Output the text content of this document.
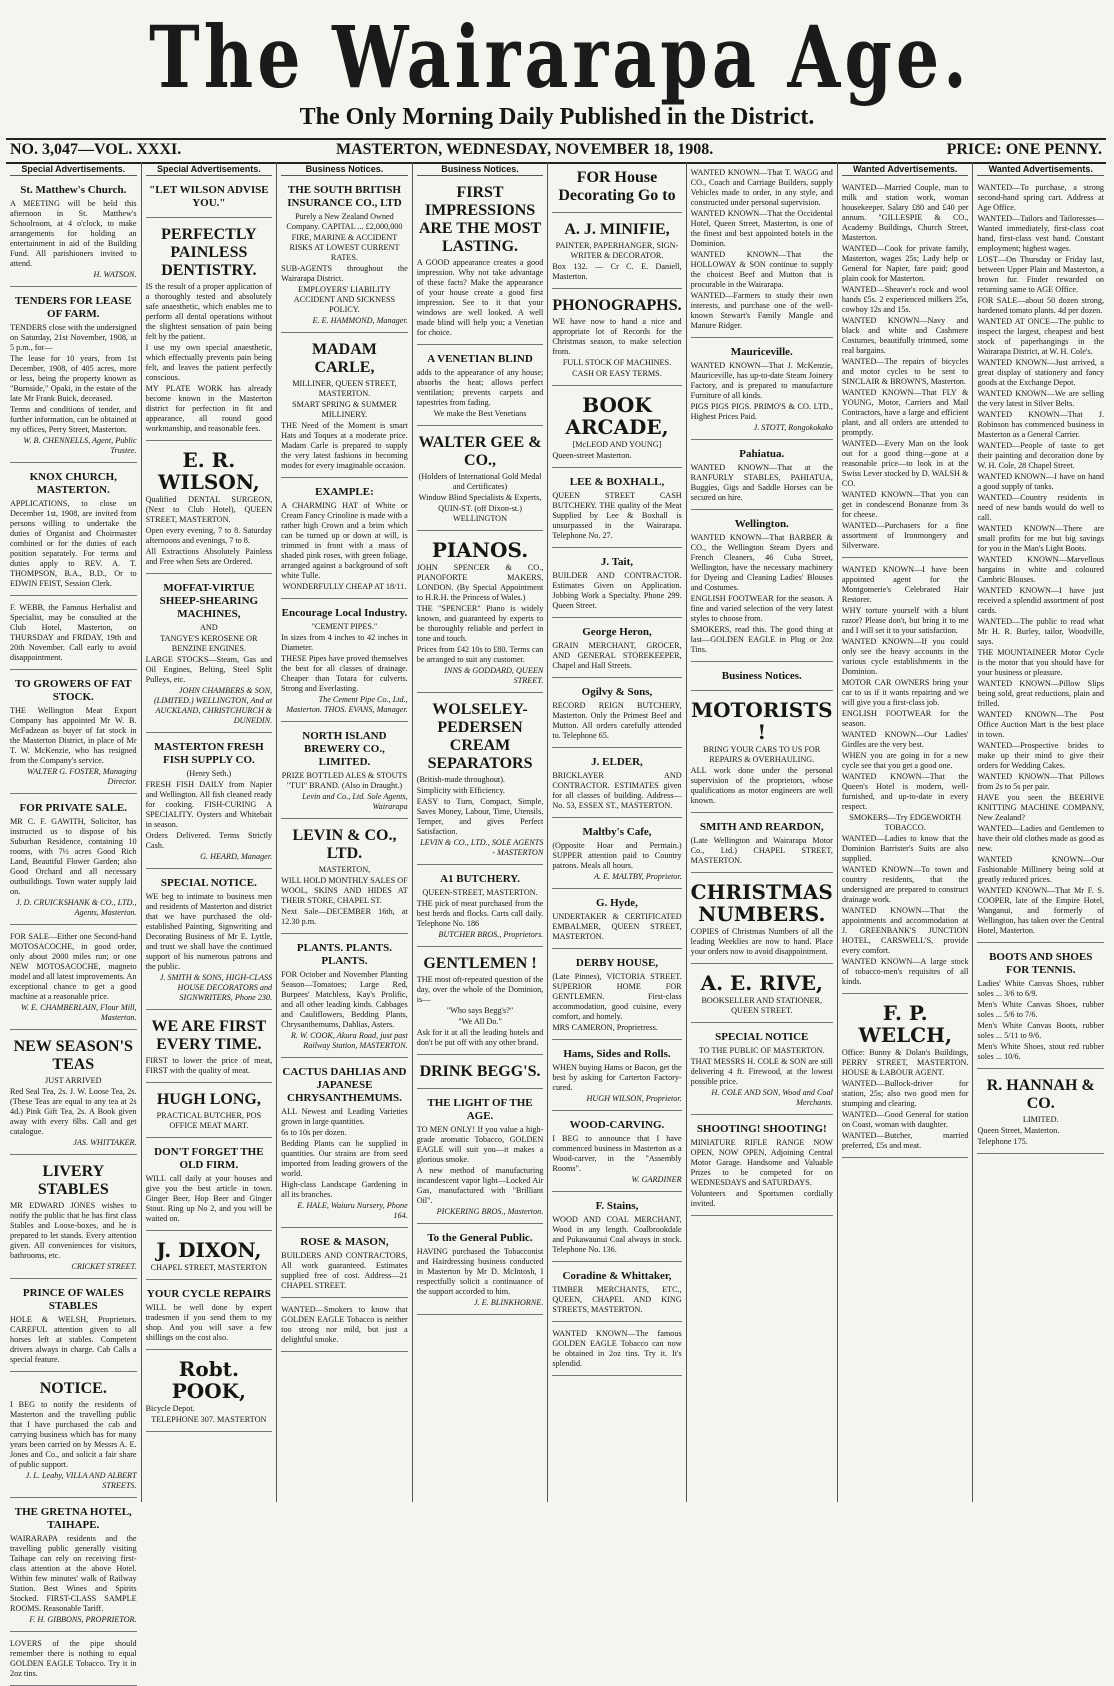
The Wairarapa Age.
The Only Morning Daily Published in the District.
NO. 3,047—VOL. XXXI.	MASTERTON, WEDNESDAY, NOVEMBER 18, 1908.	PRICE: ONE PENNY.
Special Advertisements.
St. Matthew's Church.
A MEETING will be held this afternoon in St. Matthew's Schoolroom, at 4 o'clock, to make arrangements for holding an entertainment in aid of the Building Fund. All parishioners invited to attend.
H. WATSON.
TENDERS FOR LEASE OF FARM.
TENDERS close with the undersigned on Saturday, 21st November, 1908, at 5 p.m., for—
The lease for 10 years, from 1st December, 1908, of 405 acres, more or less, being the property known as "Burnside," Opaki, in the estate of the late Mr Frank Buick, deceased.
Terms and conditions of tender, and further information, can be obtained at my offices, Perry Street, Masterton.
W. B. CHENNELLS, Agent, Public Trustee.
KNOX CHURCH, MASTERTON.
APPLICATIONS, to close on December 1st, 1908, are invited from persons willing to undertake the duties of Organist and Choirmaster combined or for the duties of each position separately. For terms and duties apply to REV. A. T. THOMPSON, B.A., B.D., Or to EDWIN FEIST, Session Clerk.
F. WEBB, the Famous Herbalist and Specialist, may be consulted at the Club Hotel, Masterton, on THURSDAY and FRIDAY, 19th and 20th November. Call early to avoid disappointment.
TO GROWERS OF FAT STOCK.
THE Wellington Meat Export Company has appointed Mr W. B. McFadzean as buyer of fat stock in the Masterton District, in place of Mr T. W. McKenzie, who has resigned from the Company's service.
WALTER G. FOSTER, Managing Director.
FOR PRIVATE SALE.
MR C. F. GAWITH, Solicitor, has instructed us to dispose of his Suburban Residence, containing 10 rooms, with 7½ acres Good Rich Land, Beautiful Flower Garden; also Good Orchard and all necessary outbuildings. Town water supply laid on.
J. D. CRUICKSHANK & CO., LTD., Agents, Masterton.
FOR SALE—Either one Second-hand MOTOSACOCHE, in good order, only about 2000 miles run; or one NEW MOTOSACOCHE, magneto model and all latest improvements. An exceptional chance to get a good machine at a reasonable price.
W. E. CHAMBERLAIN, Flour Mill, Masterton.
NEW SEASON'S TEAS
JUST ARRIVED
Red Seal Tea, 2s. J. W. Loose Tea, 2s. (These Teas are equal to any tea at 2s 4d.) Pink Gift Tea, 2s. A Book given away with every 6lbs. Call and get catalogue.
JAS. WHITTAKER.
LIVERY STABLES
MR EDWARD JONES wishes to notify the public that he has first class Stables and Loose-boxes, and he is prepared to let stands. Every attention given. All conveniences for visitors, bathrooms, etc.
CRICKET STREET.
PRINCE OF WALES STABLES
HOLE & WELSH, Proprietors. CAREFUL attention given to all horses left at stables. Competent drivers always in charge. Cab Calls a special feature.
NOTICE.
I BEG to notify the residents of Masterton and the travelling public that I have purchased the cab and carrying business which has for many years been carried on by Messrs A. E. Jones and Co., and solicit a fair share of public support.
J. L. Leahy, VILLA AND ALBERT STREETS.
THE GRETNA HOTEL, TAIHAPE.
WAIRARAPA residents and the travelling public generally visiting Taihape can rely on receiving first-class attention at the above Hotel. Within few minutes' walk of Railway Station. Best Wines and Spirits Stocked. FIRST-CLASS SAMPLE ROOMS. Reasonable Tariff.
F. H. GIBBONS, PROPRIETOR.
LOVERS of the pipe should remember there is nothing to equal GOLDEN EAGLE Tobacco. Try it in 2oz tins.
Special Advertisements.
"LET WILSON ADVISE YOU."
PERFECTLY PAINLESS DENTISTRY.
IS the result of a proper application of a thoroughly tested and absolutely safe anaesthetic, which enables me to perform all dental operations without the slightest sensation of pain being felt by the patient.
I use my own special anaesthetic, which effectually prevents pain being felt, and leaves the patient perfectly conscious.
MY PLATE WORK has already become known in the Masterton district for perfection in fit and appearance, all round good workmanship, and reasonable fees.
E. R. WILSON,
Qualified DENTAL SURGEON, (Next to Club Hotel), QUEEN STREET, MASTERTON.
Open every evening, 7 to 8. Saturday afternoons and evenings, 7 to 8.
All Extractions Absolutely Painless and Free when Sets are Ordered.
MOFFAT-VIRTUE SHEEP-SHEARING MACHINES,
AND
TANGYE'S KEROSENE OR BENZINE ENGINES.
LARGE STOCKS—Steam, Gas and Oil Engines, Belting, Steel Split Pulleys, etc.
JOHN CHAMBERS & SON, (LIMITED.) WELLINGTON, And at AUCKLAND, CHRISTCHURCH & DUNEDIN.
MASTERTON FRESH FISH SUPPLY CO.
(Henry Seth.)
FRESH FISH DAILY from Napier and Wellington. All fish cleaned ready for cooking. FISH-CURING A SPECIALITY. Oysters and Whitebait in season.
Orders Delivered. Terms Strictly Cash.
G. HEARD, Manager.
SPECIAL NOTICE.
WE beg to intimate to business men and residents of Masterton and district that we have purchased the old-established Painting, Signwriting and Decorating Business of Mr E. Lyttle, and trust we shall have the continued support of his numerous patrons and the public.
J. SMITH & SONS, HIGH-CLASS HOUSE DECORATORS and SIGNWRITERS, Phone 230.
WE ARE FIRST EVERY TIME.
FIRST to lower the price of meat, FIRST with the quality of meat.
HUGH LONG,
PRACTICAL BUTCHER, POS OFFICE MEAT MART.
DON'T FORGET THE OLD FIRM.
WILL call daily at your houses and give you the best article in town. Ginger Beer, Hop Beer and Ginger Stout. Ring up No 2, and you will be waited on.
J. DIXON,
CHAPEL STREET, MASTERTON
YOUR CYCLE REPAIRS
WILL be well done by expert tradesmen if you send them to my shop. And you will save a few shillings on the cost also.
Robt. POOK,
Bicycle Depot.
TELEPHONE 307. MASTERTON
Business Notices.
THE SOUTH BRITISH INSURANCE CO., LTD
Purely a New Zealand Owned Company. CAPITAL ... £2,000,000
FIRE, MARINE & ACCIDENT RISKS AT LOWEST CURRENT RATES.
SUB-AGENTS throughout the Wairarapa District.
EMPLOYERS' LIABILITY ACCIDENT AND SICKNESS POLICY.
E. E. HAMMOND, Manager.
MADAM CARLE,
MILLINER, QUEEN STREET, MASTERTON.
SMART SPRING & SUMMER MILLINERY.
THE Need of the Moment is smart Hats and Toques at a moderate price. Madam Carle is prepared to supply the very latest fashions in becoming modes for every imaginable occasion.
EXAMPLE:
A CHARMING HAT of White or Cream Fancy Crinoline is made with a rather high Crown and a brim which can be turned up or down at will, is trimmed in front with a mass of shaded pink roses, with green foliage, arranged against a background of soft white Tulle.
WONDERFULLY CHEAP AT 18/11.
Encourage Local Industry.
"CEMENT PIPES."
In sizes from 4 inches to 42 inches in Diameter.
THESE Pipes have proved themselves the best for all classes of drainage. Cheaper than Totara for culverts. Strong and Everlasting.
The Cement Pipe Co., Ltd., Masterton. THOS. EVANS, Manager.
NORTH ISLAND BREWERY CO., LIMITED.
PRIZE BOTTLED ALES & STOUTS "TUI" BRAND. (Also in Draught.)
Levin and Co., Ltd. Sole Agents, Wairarapa
LEVIN & CO., LTD.
MASTERTON,
WILL HOLD MONTHLY SALES OF WOOL, SKINS AND HIDES AT THEIR STORE, CHAPEL ST.
Next Sale—DECEMBER 16th, at 12.30 p.m.
PLANTS. PLANTS. PLANTS.
FOR October and November Planting Season—Tomatoes; Large Red, Burpees' Matchless, Kay's Prolific, and all other leading kinds. Cabbages and Cauliflowers, Bedding Plants, Chrysanthemums, Dahlias, Asters.
R. W. COOK, Akura Road, just past Railway Station, MASTERTON.
CACTUS DAHLIAS AND JAPANESE CHRYSANTHEMUMS.
ALL Newest and Leading Varieties grown in large quantities.
6s to 10s per dozen.
Bedding Plants can be supplied in quantities. Our strains are from seed imported from leading growers of the world.
High-class Landscape Gardening in all its branches.
E. HALE, Waiuru Nursery, Phone 164.
ROSE & MASON,
BUILDERS AND CONTRACTORS, All work guaranteed. Estimates supplied free of cost. Address—21 CHAPEL STREET.
WANTED—Smokers to know that GOLDEN EAGLE Tobacco is neither too strong nor mild, but just a delightful smoke.
Business Notices.
FIRST IMPRESSIONS ARE THE MOST LASTING.
A GOOD appearance creates a good impression. Why not take advantage of these facts? Make the appearance of your house create a good first impression. See to it that your windows are well looked. A well made blind will help you; a Venetian for choice.
A VENETIAN BLIND
adds to the appearance of any house; absorbs the heat; allows perfect ventilation; prevents carpets and tapestries from fading.
We make the Best Venetians
WALTER GEE & CO.,
(Holders of International Gold Medal and Certificates)
Window Blind Specialists & Experts,
QUIN-ST. (off Dixon-st.) WELLINGTON
PIANOS.
JOHN SPENCER & CO., PIANOFORTE MAKERS, LONDON. (By Special Appointment to H.R.H. the Princess of Wales.)
THE "SPENCER" Piano is widely known, and guaranteed by experts to be thoroughly reliable and perfect in tone and touch.
Prices from £42 10s to £80. Terms can be arranged to suit any customer.
INNS & GODDARD, QUEEN STREET.
WOLSELEY-PEDERSEN CREAM SEPARATORS
(British-made throughout).
Simplicity with Efficiency.
EASY to Turn, Compact, Simple, Saves Money, Labour, Time, Utensils, Temper, and gives Perfect Satisfaction.
LEVIN & CO., LTD., SOLE AGENTS - MASTERTON
A1 BUTCHERY.
QUEEN-STREET, MASTERTON.
THE pick of meat purchased from the best herds and flocks. Carts call daily. Telephone No. 186
BUTCHER BROS., Proprietors.
GENTLEMEN !
THE most oft-repeated question of the day, over the whole of the Dominion, is—
"Who says Begg's?"
"We All Do."
Ask for it at all the leading hotels and don't be put off with any other brand.
DRINK BEGG'S.
THE LIGHT OF THE AGE.
TO MEN ONLY! If you value a high-grade aromatic Tobacco, GOLDEN EAGLE will suit you—it makes a glorious smoke.
A new method of manufacturing incandescent vapor light—Locked Air Gas, manufactured with "Brilliant Oil".
PICKERING BROS., Masterton.
To the General Public.
HAVING purchased the Tobacconist and Hairdressing business conducted in Masterton by Mr D. McIntosh, I respectfully solicit a continuance of the support accorded to him.
J. E. BLINKHORNE.
FOR House Decorating Go to
A. J. MINIFIE,
PAINTER, PAPERHANGER, SIGN-WRITER & DECORATOR.
Box 132. — Cr C. E. Daniell, Masterton.
PHONOGRAPHS.
WE have now to hand a nice and appropriate lot of Records for the Christmas season, to make selection from.
FULL STOCK OF MACHINES.
CASH OR EASY TERMS.
BOOK ARCADE,
[McLEOD AND YOUNG]
Queen-street Masterton.
LEE & BOXHALL,
QUEEN STREET CASH BUTCHERY. THE quality of the Meat Supplied by Lee & Boxhall is unsurpassed in the Wairarapa. Telephone No. 27.
J. Tait,
BUILDER AND CONTRACTOR. Estimates Given on Application. Jobbing Work a Specialty. Phone 299. Queen Street.
George Heron,
GRAIN MERCHANT, GROCER, AND GENERAL STOREKEEPER, Chapel and Hall Streets.
Ogilvy & Sons,
RECORD REIGN BUTCHERY, Masterton. Only the Primest Beef and Mutton. All orders carefully attended to. Telephone 65.
J. ELDER,
BRICKLAYER AND CONTRACTOR. ESTIMATES given for all classes of building. Address—No. 53, ESSEX ST., MASTERTON.
Maltby's Cafe,
(Opposite Hoar and Permain.) SUPPER attention paid to Country patrons. Meals all hours.
A. E. MALTBY, Proprietor.
G. Hyde,
UNDERTAKER & CERTIFICATED EMBALMER, QUEEN STREET, MASTERTON.
DERBY HOUSE,
(Late Pinnes), VICTORIA STREET. SUPERIOR HOME FOR GENTLEMEN. First-class accommodation, good cuisine, every comfort, and homely.
MRS CAMERON, Proprietress.
Hams, Sides and Rolls.
WHEN buying Hams or Bacon, get the best by asking for Carterton Factory-cured.
HUGH WILSON, Proprietor.
WOOD-CARVING.
I BEG to announce that I have commenced business in Masterton as a Wood-carver, in the "Assembly Rooms".
W. GARDINER
F. Stains,
WOOD AND COAL MERCHANT, Wood in any length. Coalbrookdale and Pukawaunui Coal always in stock. Telephone No. 136.
Coradine & Whittaker,
TIMBER MERCHANTS, ETC., QUEEN, CHAPEL AND KING STREETS, MASTERTON.
WANTED KNOWN—The famous GOLDEN EAGLE Tobacco can now be obtained in 2oz tins. Try it. It's splendid.
WANTED KNOWN—That T. WAGG and CO., Coach and Carriage Builders, supply Vehicles made to order, in any style, and constructed under personal supervision.
WANTED KNOWN—That the Occidental Hotel, Queen Street, Masterton, is one of the finest and best appointed hotels in the Dominion.
WANTED KNOWN—That the HOLLOWAY & SON continue to supply the choicest Beef and Mutton that is procurable in the Wairarapa.
WANTED—Farmers to study their own interests, and purchase one of the well-known Stewart's Family Mangle and Manure Ridger.
Mauriceville.
WANTED KNOWN—That J. McKenzie, Mauriceville, has up-to-date Steam Joinery Factory, and is prepared to manufacture Furniture of all kinds.
PIGS PIGS PIGS. PRIMO'S & CO. LTD., Highest Prices Paid.
J. STOTT, Rongokokako
Pahiatua.
WANTED KNOWN—That at the RANFURLY STABLES, PAHIATUA, Buggies, Gigs and Saddle Horses can be secured on hire.
Wellington.
WANTED KNOWN—That BARBER & CO., the Wellington Steam Dyers and French Cleaners, 46 Cuba Street, Wellington, have the necessary machinery for Dyeing and Cleaning Ladies' Blouses and Costumes.
ENGLISH FOOTWEAR for the season. A fine and varied selection of the very latest styles to choose from.
SMOKERS, read this. The good thing at last—GOLDEN EAGLE in Plug or 2oz Tins.
Business Notices.
MOTORISTS !
BRING YOUR CARS TO US FOR REPAIRS & OVERHAULING.
ALL work done under the personal supervision of the proprietors, whose qualifications as motor engineers are well known.
SMITH AND REARDON,
(Late Wellington and Wairarapa Motor Co., Ltd.) CHAPEL STREET, MASTERTON.
CHRISTMAS NUMBERS.
COPIES of Christmas Numbers of all the leading Weeklies are now to hand. Place your orders now to avoid disappointment.
A. E. RIVE,
BOOKSELLER AND STATIONER, QUEEN STREET.
SPECIAL NOTICE
TO THE PUBLIC OF MASTERTON.
THAT MESSRS H. COLE & SON are still delivering 4 ft. Firewood, at the lowest possible price.
H. COLE AND SON, Wood and Coal Merchants.
SHOOTING! SHOOTING!
MINIATURE RIFLE RANGE NOW OPEN, NOW OPEN, Adjoining Central Motor Garage. Handsome and Valuable Prizes to be competed for on WEDNESDAYS and SATURDAYS.
Volunteers and Sportsmen cordially invited.
Wanted Advertisements.
WANTED—Married Couple, man to milk and station work, woman housekeeper. Salary £80 and £40 per annum. "GILLESPIE & CO., Academy Buildings, Church Street, Masterton.
WANTED—Cook for private family, Masterton, wages 25s; Lady help or General for Napier, fare paid; good plain cook for Masterton.
WANTED—Sheaver's rock and wool hands £5s. 2 experienced milkers 25s, cowboy 12s and 15s.
WANTED KNOWN—Navy and black and white and Cashmere Costumes, beautifully trimmed, some real bargains.
WANTED—The repairs of bicycles and motor cycles to be sent to SINCLAIR & BROWN'S, Masterton.
WANTED KNOWN—That FLY & YOUNG, Motor, Carriers and Mail Contractors, have a large and efficient plant, and all orders are attended to promptly.
WANTED—Every Man on the look out for a good thing—gone at a reasonable price—to look in at the Swiss Lever stocked by D. WALSH & CO.
WANTED KNOWN—That you can get in condescend Bonanze from 3s for cheese.
WANTED—Purchasers for a fine assortment of Ironmongery and Silverware.
WANTED KNOWN—I have been appointed agent for the Montgomerie's Celebrated Hair Restorer.
WHY torture yourself with a blunt razor? Please don't, but bring it to me and I will set it to your satisfaction.
WANTED KNOWN—If you could only see the heavy accounts in the various cycle establishments in the Dominion.
MOTOR CAR OWNERS bring your car to us if it wants repairing and we will give you a first-class job.
ENGLISH FOOTWEAR for the season.
WANTED KNOWN—Our Ladies' Girdles are the very best.
WHEN you are going in for a new cycle see that you get a good one.
WANTED KNOWN—That the Queen's Hotel is modern, well-furnished, and up-to-date in every respect.
SMOKERS—Try EDGEWORTH TOBACCO.
WANTED—Ladies to know that the Dominion Barrister's Suits are also supplied.
WANTED KNOWN—To town and country residents, that the undersigned are prepared to construct drainage work.
WANTED KNOWN—That the appointments and accommodation at J. GREENBANK'S JUNCTION HOTEL, CARSWELL'S, provide every comfort.
WANTED KNOWN—A large stock of tobacco-men's requisites of all kinds.
F. P. WELCH,
Office: Bunny & Dolan's Buildings, PERRY STREET, MASTERTON. HOUSE & LABOUR AGENT.
WANTED—Bullock-driver for station, 25s; also two good men for stumping and clearing.
WANTED—Good General for station on Coast, woman with daughter.
WANTED—Butcher, married preferred, £5s and meat.
Wanted Advertisements.
WANTED—To purchase, a strong second-hand spring cart. Address at Age Office.
WANTED—Tailors and Tailoresses—Wanted immediately, first-class coat hand, first-class vest hand. Constant employment; highest wages.
LOST—On Thursday or Friday last, between Upper Plain and Masterton, a brown fur. Finder rewarded on returning same to AGE Office.
FOR SALE—about 50 dozen strong, hardened tomato plants. 4d per dozen.
WANTED AT ONCE—The public to inspect the largest, cheapest and best stock of paperhangings in the Wairarapa District, at W. H. Cole's.
WANTED KNOWN—Just arrived, a great display of stationery and fancy goods at the Exchange Depot.
WANTED KNOWN—We are selling the very latest in Silver Belts.
WANTED KNOWN—That J. Robinson has commenced business in Masterton as a General Carrier.
WANTED—People of taste to get their painting and decoration done by W. H. Cole, 28 Chapel Street.
WANTED KNOWN—I have on hand a good supply of tanks.
WANTED—Country residents in need of new bands would do well to call.
WANTED KNOWN—There are small profits for me but big savings for you in the Man's Light Boots.
WANTED KNOWN—Marvellous bargains in white and coloured Cambric Blouses.
WANTED KNOWN—I have just received a splendid assortment of post cards.
WANTED—The public to read what Mr H. R. Burley, tailor, Woodville, says.
THE MOUNTAINEER Motor Cycle is the motor that you should have for your business or pleasure.
WANTED KNOWN—Pillow Slips being sold, great reductions, plain and frilled.
WANTED KNOWN—The Post Office Auction Mart is the best place in town.
WANTED—Prospective brides to make up their mind to give their orders for Wedding Cakes.
WANTED KNOWN—That Pillows from 2s to 5s per pair.
HAVE you seen the BEEHIVE KNITTING MACHINE COMPANY, New Zealand?
WANTED—Ladies and Gentlemen to have their old clothes made as good as new.
WANTED KNOWN—Our Fashionable Millinery being sold at greatly reduced prices.
WANTED KNOWN—That Mr F. S. COOPER, late of the Empire Hotel, Wanganui, and formerly of Wellington, has taken over the Central Hotel, Masterton.
BOOTS AND SHOES FOR TENNIS.
Ladies' White Canvas Shoes, rubber soles ... 3/6 to 6/9.
Men's White Canvas Shoes, rubber soles ... 5/6 to 7/6.
Men's White Canvas Boots, rubber soles ... 5/11 to 9/6.
Men's White Shoes, stout red rubber soles ... 10/6.
R. HANNAH & CO.
LIMITED.
Queen Street, Masterton.
Telephone 175.
